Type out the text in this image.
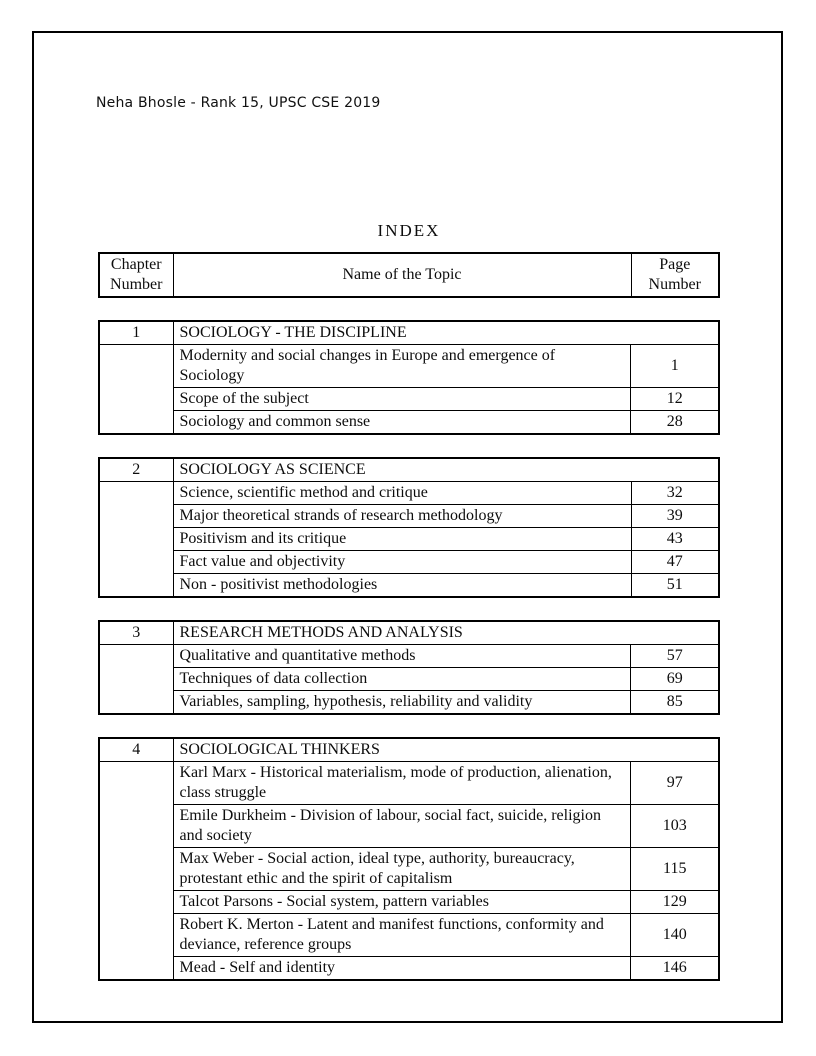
Neha Bhosle - Rank 15, UPSC CSE 2019
INDEX
Chapter Number	Name of the Topic	Page Number
1	SOCIOLOGY - THE DISCIPLINE	
	Modernity and social changes in Europe and emergence of Sociology	1
	Scope of the subject	12
	Sociology and common sense	28
2	SOCIOLOGY AS SCIENCE	
	Science, scientific method and critique	32
	Major theoretical strands of research methodology	39
	Positivism and its critique	43
	Fact value and objectivity	47
	Non - positivist methodologies	51
3	RESEARCH METHODS AND ANALYSIS	
	Qualitative and quantitative methods	57
	Techniques of data collection	69
	Variables, sampling, hypothesis, reliability and validity	85
4	SOCIOLOGICAL THINKERS	
	Karl Marx - Historical materialism, mode of production, alienation, class struggle	97
	Emile Durkheim - Division of labour, social fact, suicide, religion and society	103
	Max Weber - Social action, ideal type, authority, bureaucracy, protestant ethic and the spirit of capitalism	115
	Talcot Parsons - Social system, pattern variables	129
	Robert K. Merton - Latent and manifest functions, conformity and deviance, reference groups	140
	Mead - Self and identity	146
